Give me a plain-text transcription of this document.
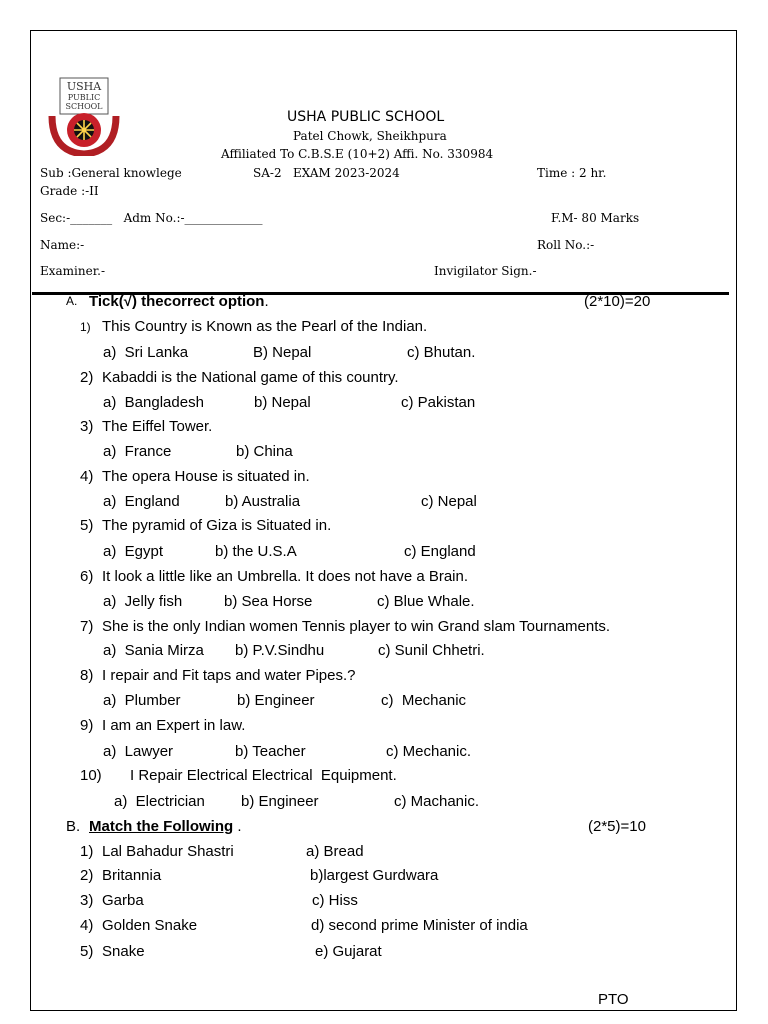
USHA
PUBLIC
SCHOOL
USHA PUBLIC SCHOOL
Patel Chowk, Sheikhpura
Affiliated To C.B.S.E (10+2) Affi. No. 330984
Sub :General knowlege	SA-2   EXAM 2023-2024	Time : 2 hr.
Grade :-II
Sec:-_______   Adm No.:-_____________	F.M- 80 Marks
Name:-	Roll No.:-
Examiner.-	Invigilator Sign.-
A. Tick(√) thecorrect option.	(2*10)=20
1) This Country is Known as the Pearl of the Indian.
a)  Sri Lanka	B) Nepal	c) Bhutan.
2) Kabaddi is the National game of this country.
a)  Bangladesh	b) Nepal	c) Pakistan
3) The Eiffel Tower.
a)  France	b) China
4) The opera House is situated in.
a)  England	b) Australia	c) Nepal
5) The pyramid of Giza is Situated in.
a)  Egypt	b) the U.S.A	c) England
6) It look a little like an Umbrella. It does not have a Brain.
a)  Jelly fish	b) Sea Horse	c) Blue Whale.
7) She is the only Indian women Tennis player to win Grand slam Tournaments.
a)  Sania Mirza b) P.V.Sindhu	c) Sunil Chhetri.
8) I repair and Fit taps and water Pipes.?
a)  Plumber	b) Engineer	c)  Mechanic
9) I am an Expert in law.
a)  Lawyer	b) Teacher	c) Mechanic.
10) I Repair Electrical Electrical  Equipment.
a)  Electrician b) Engineer	c) Machanic.
B. Match the Following .	(2*5)=10
1) Lal Bahadur Shastri	a) Bread
2) Britannia	b)largest Gurdwara
3) Garba	c) Hiss
4) Golden Snake	d) second prime Minister of india
5) Snake	e) Gujarat
PTO
